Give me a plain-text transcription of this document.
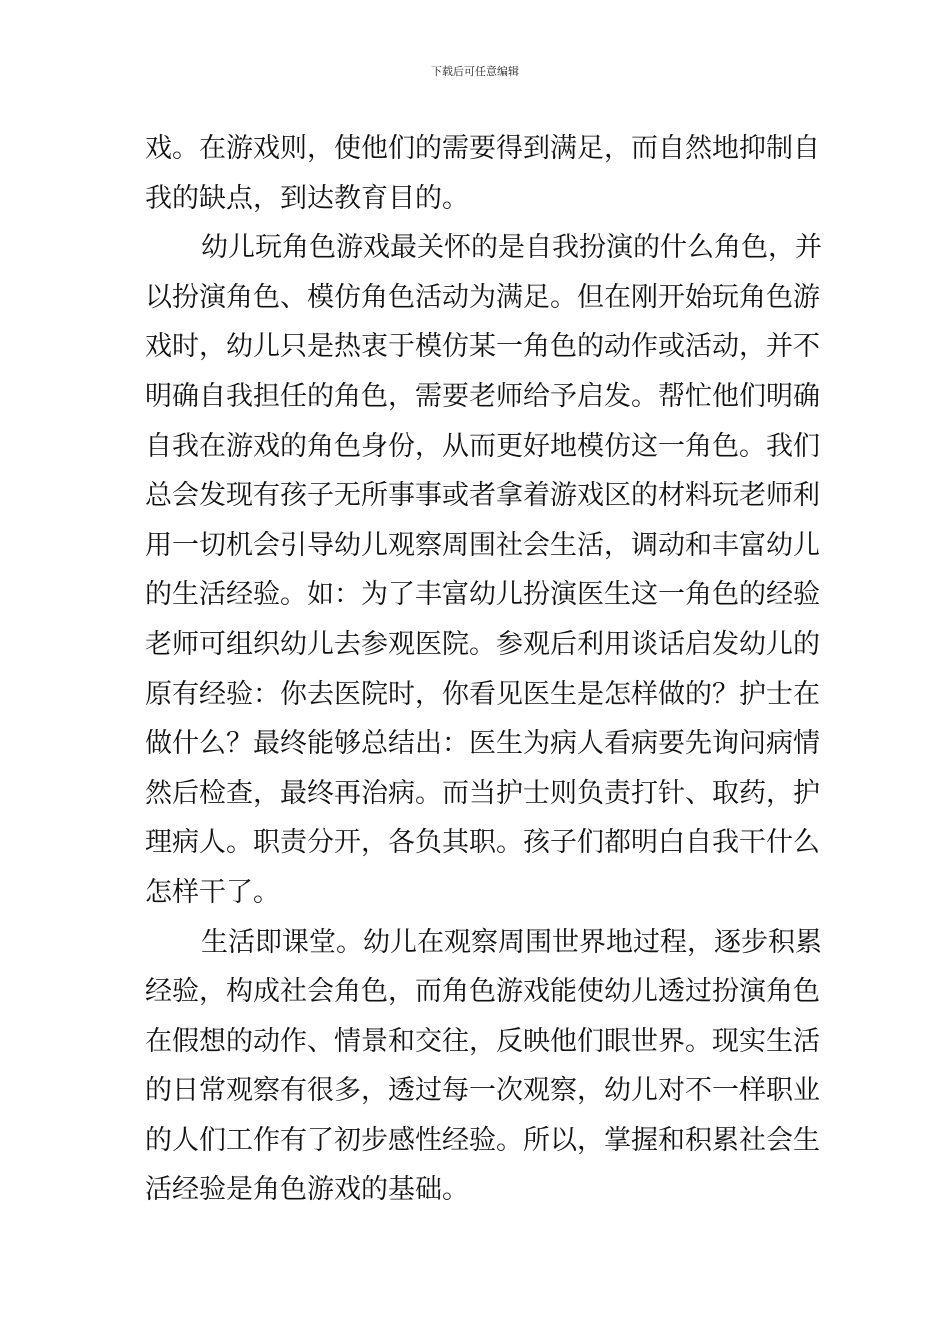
下载后可任意编辑
戏。在游戏则，使他们的需要得到满足，而自然地抑制自
我的缺点，到达教育目的。
幼儿玩角色游戏最关怀的是自我扮演的什么角色，并
以扮演角色、模仿角色活动为满足。但在刚开始玩角色游
戏时，幼儿只是热衷于模仿某一角色的动作或活动，并不
明确自我担任的角色，需要老师给予启发。帮忙他们明确
自我在游戏的角色身份，从而更好地模仿这一角色。我们
总会发现有孩子无所事事或者拿着游戏区的材料玩老师利
用一切机会引导幼儿观察周围社会生活，调动和丰富幼儿
的生活经验。如：为了丰富幼儿扮演医生这一角色的经验
老师可组织幼儿去参观医院。参观后利用谈话启发幼儿的
原有经验：你去医院时，你看见医生是怎样做的？护士在
做什么？最终能够总结出：医生为病人看病要先询问病情
然后检查，最终再治病。而当护士则负责打针、取药，护
理病人。职责分开，各负其职。孩子们都明白自我干什么
怎样干了。
生活即课堂。幼儿在观察周围世界地过程，逐步积累
经验，构成社会角色，而角色游戏能使幼儿透过扮演角色
在假想的动作、情景和交往，反映他们眼世界。现实生活
的日常观察有很多，透过每一次观察，幼儿对不一样职业
的人们工作有了初步感性经验。所以，掌握和积累社会生
活经验是角色游戏的基础。
